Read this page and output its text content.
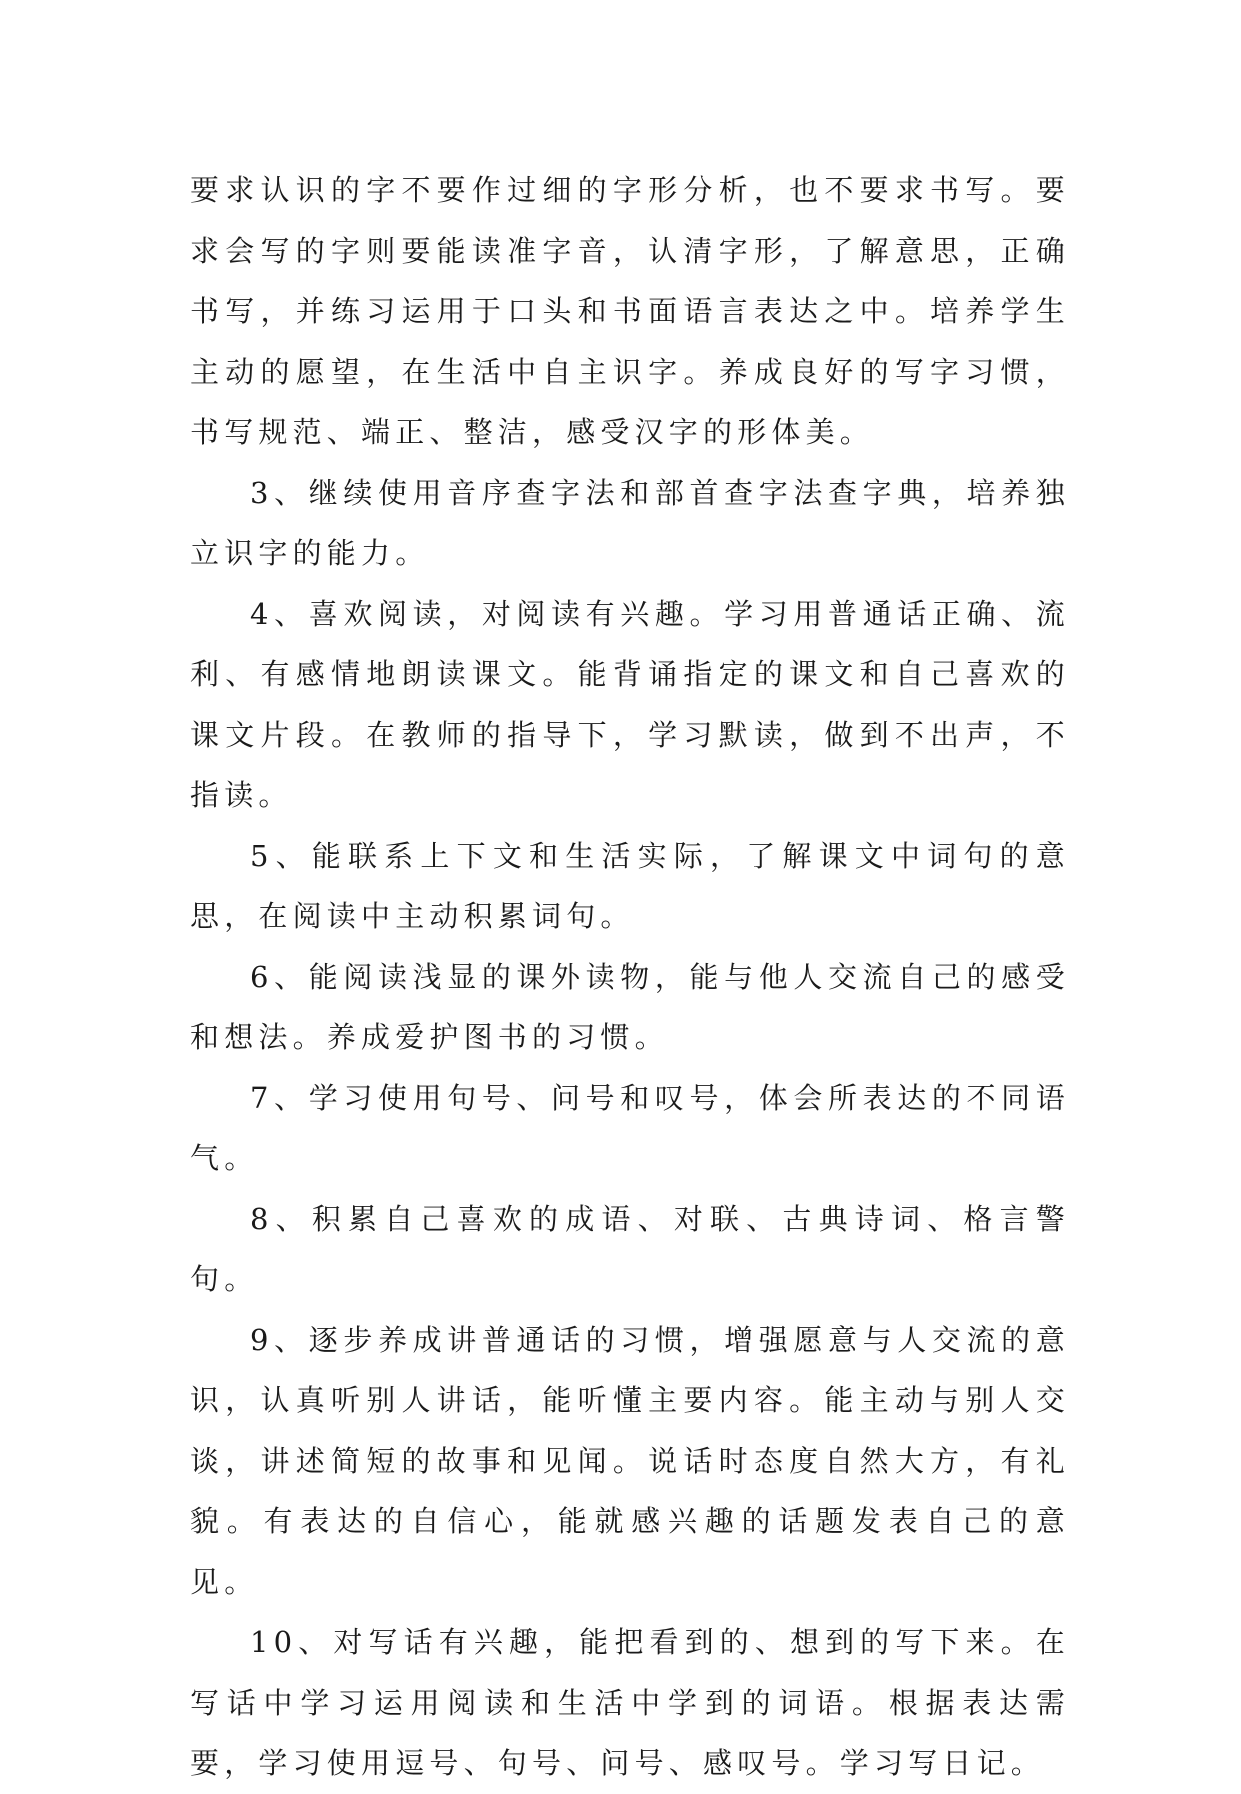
要求认识的字不要作过细的字形分析，也不要求书写。要求会写的字则要能读准字音，认清字形，了解意思，正确书写，并练习运用于口头和书面语言表达之中。培养学生主动的愿望，在生活中自主识字。养成良好的写字习惯，书写规范、端正、整洁，感受汉字的形体美。

3、继续使用音序查字法和部首查字法查字典，培养独立识字的能力。

4、喜欢阅读，对阅读有兴趣。学习用普通话正确、流利、有感情地朗读课文。能背诵指定的课文和自己喜欢的课文片段。在教师的指导下，学习默读，做到不出声，不指读。

5、能联系上下文和生活实际，了解课文中词句的意思，在阅读中主动积累词句。

6、能阅读浅显的课外读物，能与他人交流自己的感受和想法。养成爱护图书的习惯。

7、学习使用句号、问号和叹号，体会所表达的不同语气。

8、积累自己喜欢的成语、对联、古典诗词、格言警句。

9、逐步养成讲普通话的习惯，增强愿意与人交流的意识，认真听别人讲话，能听懂主要内容。能主动与别人交谈，讲述简短的故事和见闻。说话时态度自然大方，有礼貌。有表达的自信心，能就感兴趣的话题发表自己的意见。

10、对写话有兴趣，能把看到的、想到的写下来。在写话中学习运用阅读和生活中学到的词语。根据表达需要，学习使用逗号、句号、问号、感叹号。学习写日记。
